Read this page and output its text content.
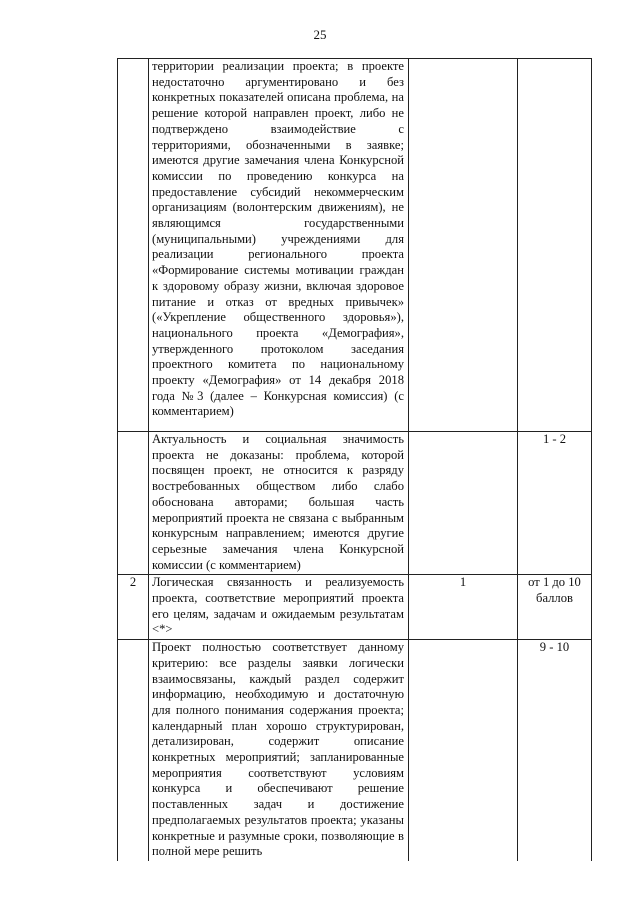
25

	территории реализации проекта; в проекте недостаточно аргументировано и без конкретных показателей описана проблема, на решение которой направлен проект, либо не подтверждено взаимодействие с территориями, обозначенными в заявке; имеются другие замечания члена Конкурсной комиссии по проведению конкурса на предоставление субсидий некоммерческим организациям (волонтерским движениям), не являющимся государственными (муниципальными) учреждениями для реализации регионального проекта «Формирование системы мотивации граждан к здоровому образу жизни, включая здоровое питание и отказ от вредных привычек» («Укрепление общественного здоровья»), национального проекта «Демография», утвержденного протоколом заседания проектного комитета по национальному проекту «Демография» от 14 декабря 2018 года №3 (далее – Конкурсная комиссия) (с комментарием)		

	Актуальность и социальная значимость проекта не доказаны: проблема, которой посвящен проект, не относится к разряду востребованных обществом либо слабо обоснована авторами; большая часть мероприятий проекта не связана с выбранным конкурсным направлением; имеются другие серьезные замечания члена Конкурсной комиссии (с комментарием)		1 - 2
2	Логическая связанность и реализуемость проекта, соответствие мероприятий проекта его целям, задачам и ожидаемым результатам <*>	1	от 1 до 10 баллов

	Проект полностью соответствует данному критерию: все разделы заявки логически взаимосвязаны, каждый раздел содержит информацию, необходимую и достаточную для полного понимания содержания проекта; календарный план хорошо структурирован, детализирован, содержит описание конкретных мероприятий; запланированные мероприятия соответствуют условиям конкурса и обеспечивают решение поставленных задач и достижение предполагаемых результатов проекта; указаны конкретные и разумные сроки, позволяющие в полной мере решить		9 - 10
